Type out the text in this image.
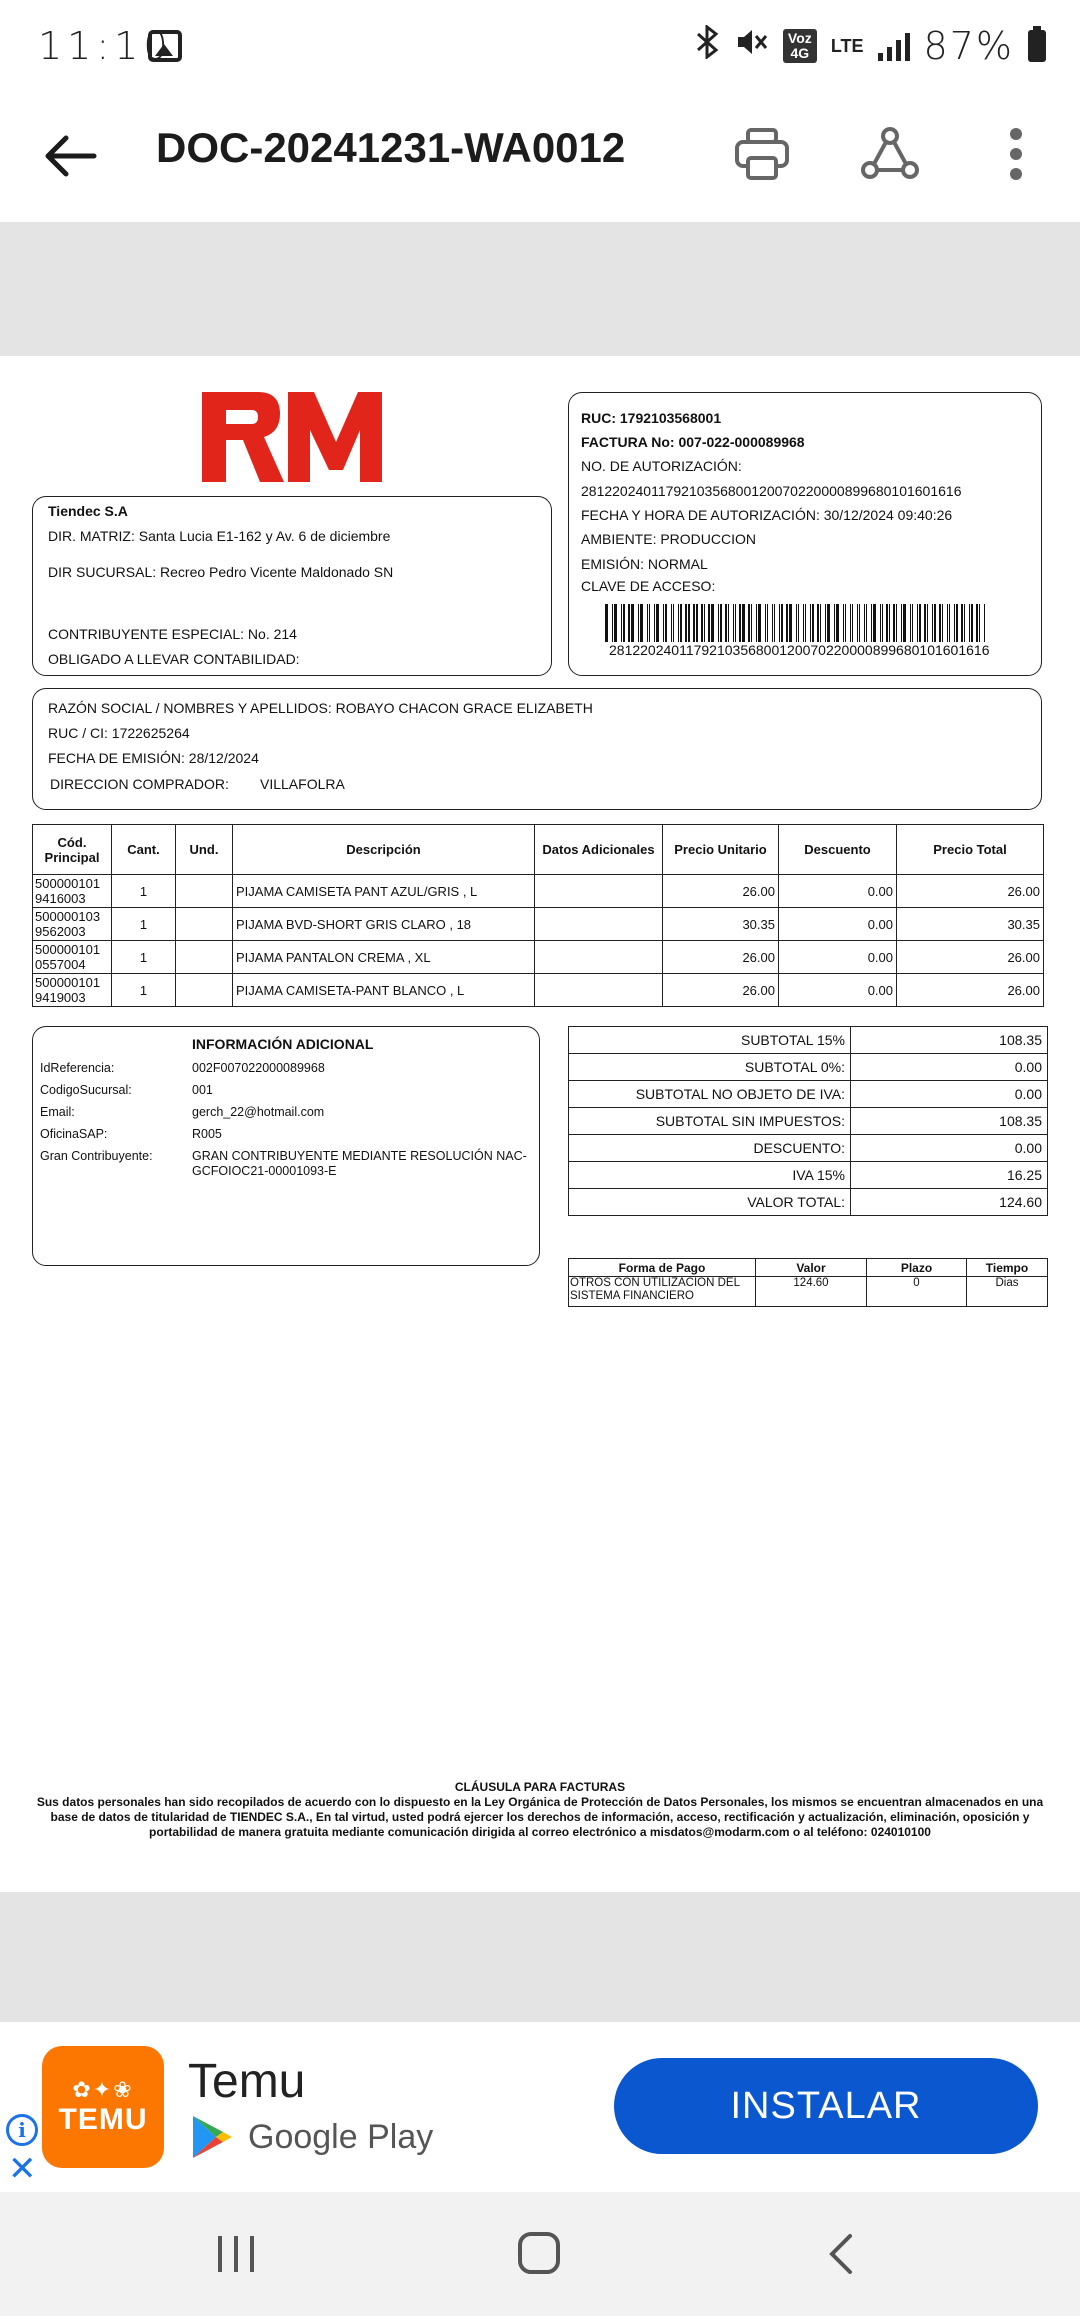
11:10	Voz 4G	LTE 87%
DOC-20241231-WA0012
Tiendec S.A
DIR. MATRIZ: Santa Lucia E1-162 y Av. 6 de diciembre
DIR SUCURSAL: Recreo Pedro Vicente Maldonado SN
CONTRIBUYENTE ESPECIAL: No. 214
OBLIGADO A LLEVAR CONTABILIDAD:
RUC: 1792103568001
FACTURA No: 007-022-000089968
NO. DE AUTORIZACIÓN:
2812202401179210356800120070220000899680101601616
FECHA Y HORA DE AUTORIZACIÓN: 30/12/2024 09:40:26
AMBIENTE: PRODUCCION
EMISIÓN: NORMAL
CLAVE DE ACCESO:
2812202401179210356800120070220000899680101601616
RAZÓN SOCIAL / NOMBRES Y APELLIDOS: ROBAYO CHACON GRACE ELIZABETH
RUC / CI: 1722625264
FECHA DE EMISIÓN: 28/12/2024
DIRECCION COMPRADOR: VILLAFOLRA
Cód. Principal	Cant.	Und.	Descripción	Datos Adicionales	Precio Unitario	Descuento	Precio Total
500000101 9416003	1		PIJAMA CAMISETA PANT AZUL/GRIS , L		26.00	0.00	26.00
500000103 9562003	1		PIJAMA BVD-SHORT GRIS CLARO , 18		30.35	0.00	30.35
500000101 0557004	1		PIJAMA PANTALON CREMA , XL		26.00	0.00	26.00
500000101 9419003	1		PIJAMA CAMISETA-PANT BLANCO , L		26.00	0.00	26.00
INFORMACIÓN ADICIONAL
IdReferencia:	002F007022000089968
CodigoSucursal:	001
Email:	gerch_22@hotmail.com
OficinaSAP:	R005
Gran Contribuyente:	GRAN CONTRIBUYENTE MEDIANTE RESOLUCIÓN NAC-GCFOIOC21-00001093-E
SUBTOTAL 15%	108.35
SUBTOTAL 0%:	0.00
SUBTOTAL NO OBJETO DE IVA:	0.00
SUBTOTAL SIN IMPUESTOS:	108.35
DESCUENTO:	0.00
IVA 15%	16.25
VALOR TOTAL:	124.60
Forma de Pago	Valor	Plazo	Tiempo
OTROS CON UTILIZACION DEL SISTEMA FINANCIERO	124.60	0	Dias
CLÁUSULA PARA FACTURAS
Sus datos personales han sido recopilados de acuerdo con lo dispuesto en la Ley Orgánica de Protección de Datos Personales, los mismos se encuentran almacenados en una base de datos de titularidad de TIENDEC S.A., En tal virtud, usted podrá ejercer los derechos de información, acceso, rectificación y actualización, eliminación, oposición y portabilidad de manera gratuita mediante comunicación dirigida al correo electrónico a misdatos@modarm.com o al teléfono: 024010100
✿✦❀
TEMU
Temu
Google Play
INSTALAR
i
✕
